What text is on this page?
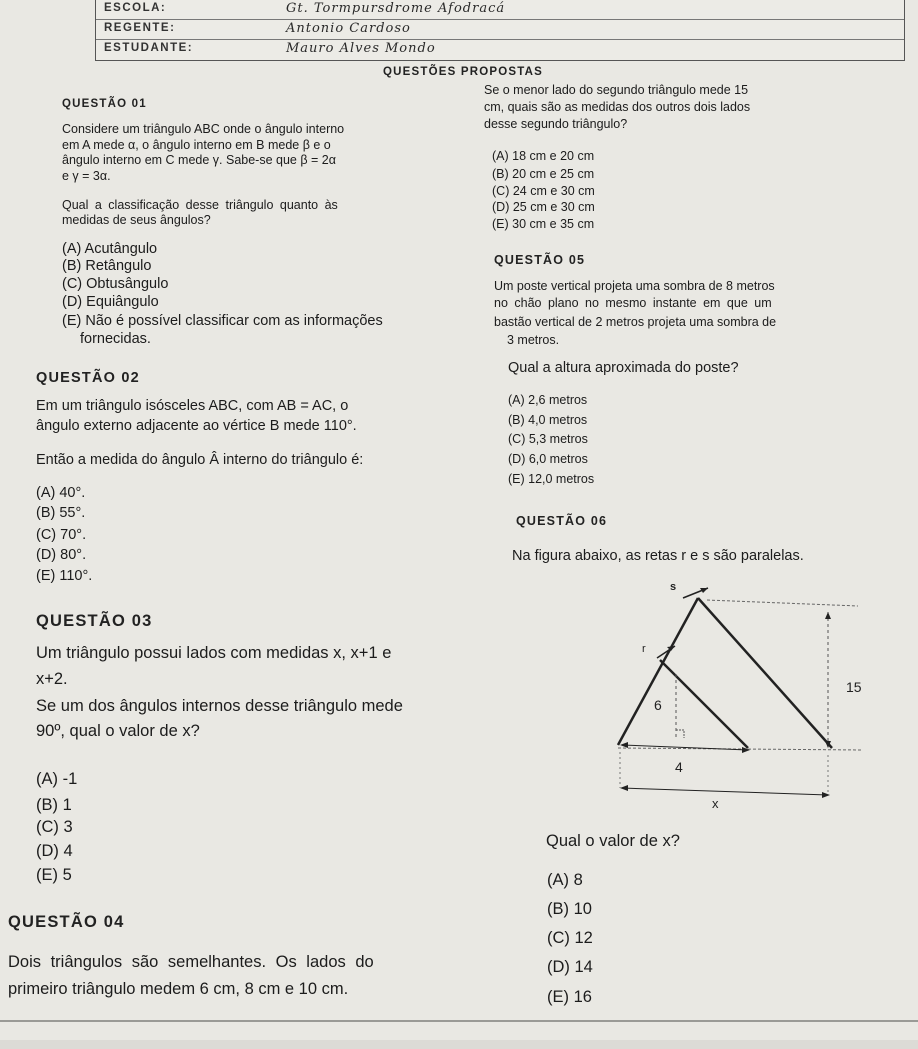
ESCOLA:	Gt. Tormpursdrome Afodracá
REGENTE:	Antonio Cardoso
ESTUDANTE:	Mauro Alves Mondo
QUESTÕES PROPOSTAS
QUESTÃO 01
Considere um triângulo ABC onde o ângulo interno
em A mede α, o ângulo interno em B mede β e o
ângulo interno em C mede γ. Sabe-se que β = 2α
e γ = 3α.
Qual a classificação desse triângulo quanto às
medidas de seus ângulos?
(A) Acutângulo
(B) Retângulo
(C) Obtusângulo
(D) Equiângulo
(E) Não é possível classificar com as informações
fornecidas.
QUESTÃO 02
Em um triângulo isósceles ABC, com AB = AC, o
ângulo externo adjacente ao vértice B mede 110°.
Então a medida do ângulo Â interno do triângulo é:
(A) 40°.
(B) 55°.
(C) 70°.
(D) 80°.
(E) 110°.
QUESTÃO 03
Um triângulo possui lados com medidas x, x+1 e
x+2.
Se um dos ângulos internos desse triângulo mede
90º, qual o valor de x?
(A) -1
(B) 1
(C) 3
(D) 4
(E) 5
QUESTÃO 04
Dois triângulos são semelhantes. Os lados do
primeiro triângulo medem 6 cm, 8 cm e 10 cm.
Se o menor lado do segundo triângulo mede 15
cm, quais são as medidas dos outros dois lados
desse segundo triângulo?
(A) 18 cm e 20 cm
(B) 20 cm e 25 cm
(C) 24 cm e 30 cm
(D) 25 cm e 30 cm
(E) 30 cm e 35 cm
QUESTÃO 05
Um poste vertical projeta uma sombra de 8 metros
no chão plano no mesmo instante em que um
bastão vertical de 2 metros projeta uma sombra de
3 metros.
Qual a altura aproximada do poste?
(A) 2,6 metros
(B) 4,0 metros
(C) 5,3 metros
(D) 6,0 metros
(E) 12,0 metros
QUESTÃO 06
Na figura abaixo, as retas r e s são paralelas.
s
r
15
6
4
x
Qual o valor de x?
(A) 8
(B) 10
(C) 12
(D) 14
(E) 16
